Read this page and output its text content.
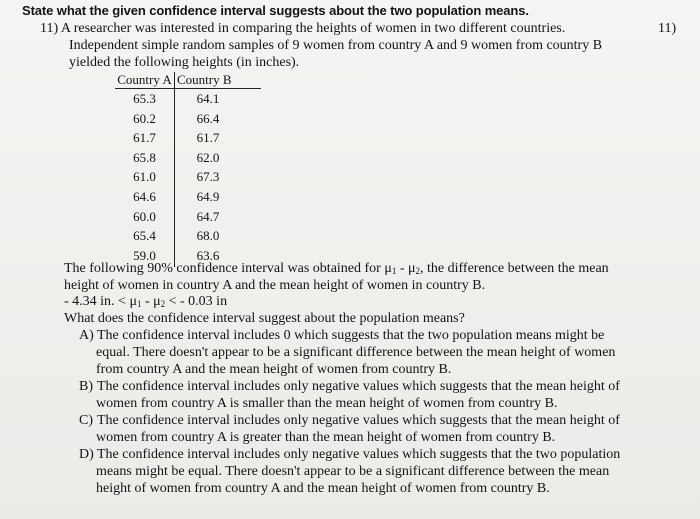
State what the given confidence interval suggests about the two population means.
11)
11) A researcher was interested in comparing the heights of women in two different countries.
Independent simple random samples of 9 women from country A and 9 women from country B
yielded the following heights (in inches).
Country A Country B
65.3	64.1
60.2	66.4
61.7	61.7
65.8	62.0
61.0	67.3
64.6	64.9
60.0	64.7
65.4	68.0
59.0	63.6
The following 90% confidence interval was obtained for $\mu_1 - \mu_2$, the difference between the mean
height of women in country A and the mean height of women in country B.
- 4.34 in. < $\mu_1 - \mu_2$ < - 0.03 in
What does the confidence interval suggest about the population means?
A) The confidence interval includes 0 which suggests that the two population means might be
equal. There doesn't appear to be a significant difference between the mean height of women
from country A and the mean height of women from country B.
B) The confidence interval includes only negative values which suggests that the mean height of
women from country A is smaller than the mean height of women from country B.
C) The confidence interval includes only negative values which suggests that the mean height of
women from country A is greater than the mean height of women from country B.
D) The confidence interval includes only negative values which suggests that the two population
means might be equal. There doesn't appear to be a significant difference between the mean
height of women from country A and the mean height of women from country B.
